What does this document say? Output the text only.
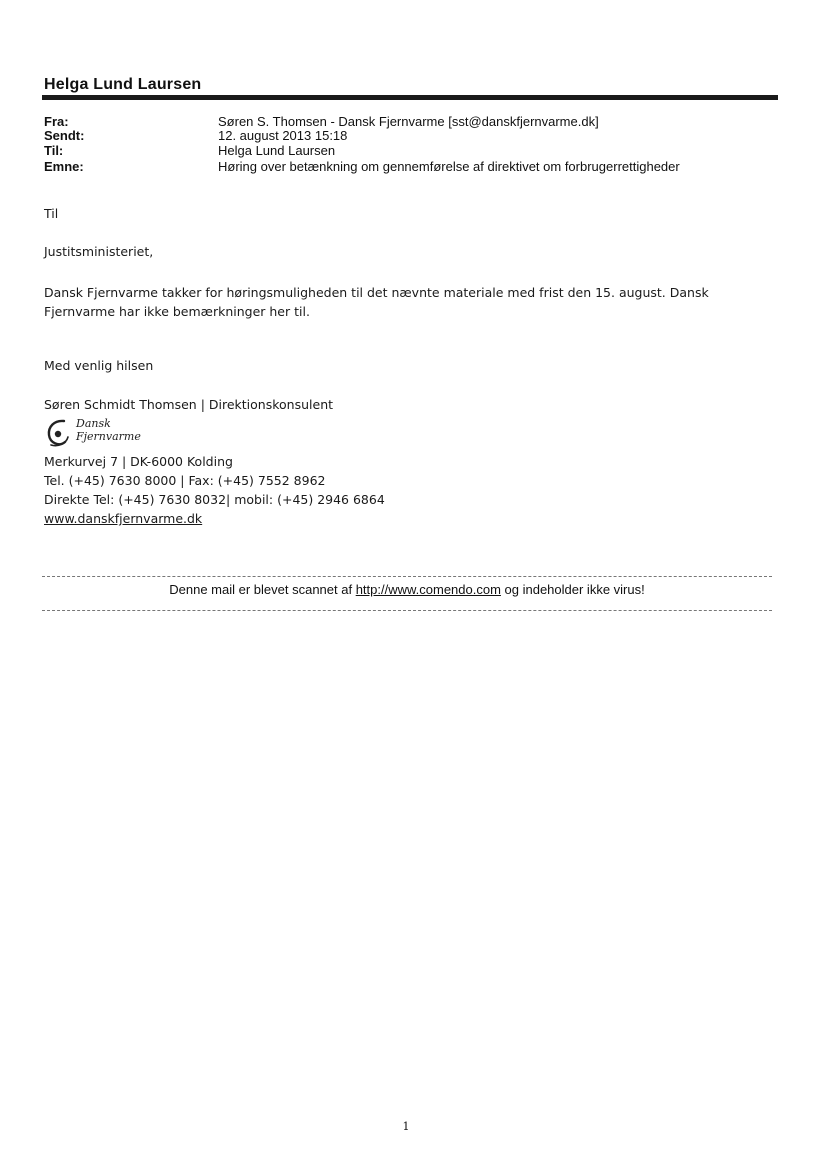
Helga Lund Laursen
Fra:	Søren S. Thomsen - Dansk Fjernvarme [sst@danskfjernvarme.dk]
Sendt:	12. august 2013 15:18
Til:	Helga Lund Laursen
Emne:	Høring over betænkning om gennemførelse af direktivet om forbrugerrettigheder
Til
Justitsministeriet,
Dansk Fjernvarme takker for høringsmuligheden til det nævnte materiale med frist den 15. august. Dansk Fjernvarme har ikke bemærkninger her til.
Med venlig hilsen
Søren Schmidt Thomsen | Direktionskonsulent
Dansk
Fjernvarme
Merkurvej 7 | DK-6000 Kolding
Tel. (+45) 7630 8000 | Fax: (+45) 7552 8962
Direkte Tel: (+45) 7630 8032| mobil: (+45) 2946 6864
www.danskfjernvarme.dk
Denne mail er blevet scannet af http://www.comendo.com og indeholder ikke virus!
1
